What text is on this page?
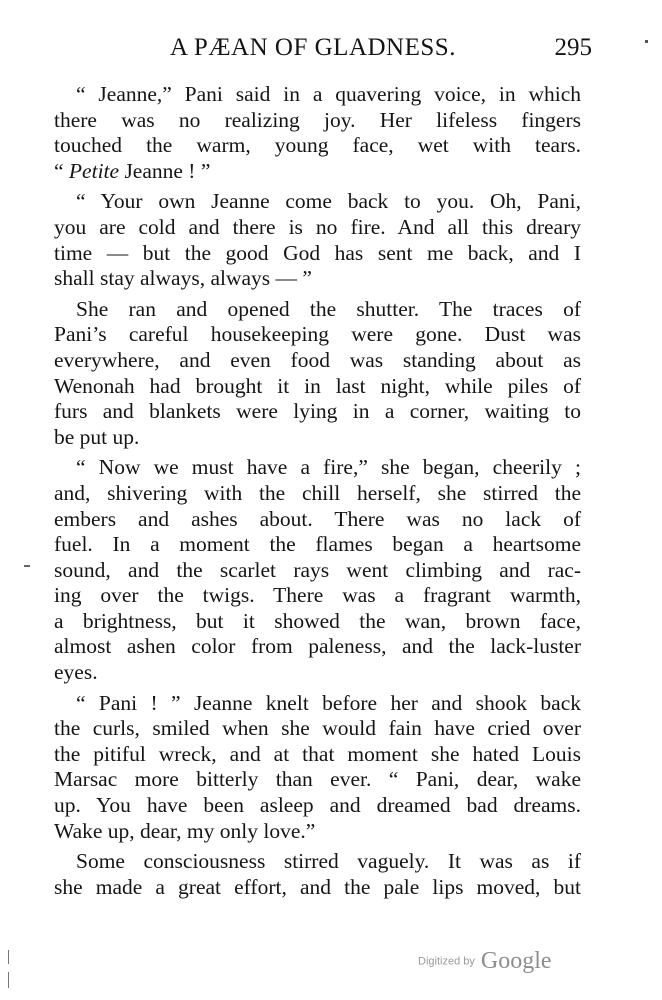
A PÆAN OF GLADNESS.	295
“ Jeanne,” Pani said in a quavering voice, in which
there was no realizing joy. Her lifeless fingers
touched the warm, young face, wet with tears.
“ Petite Jeanne ! ”
“ Your own Jeanne come back to you. Oh, Pani,
you are cold and there is no fire. And all this dreary
time — but the good God has sent me back, and I
shall stay always, always — ”
She ran and opened the shutter. The traces of
Pani’s careful housekeeping were gone. Dust was
everywhere, and even food was standing about as
Wenonah had brought it in last night, while piles of
furs and blankets were lying in a corner, waiting to
be put up.
“ Now we must have a fire,” she began, cheerily ;
and, shivering with the chill herself, she stirred the
embers and ashes about. There was no lack of
fuel. In a moment the flames began a heartsome
sound, and the scarlet rays went climbing and rac-
ing over the twigs. There was a fragrant warmth,
a brightness, but it showed the wan, brown face,
almost ashen color from paleness, and the lack-luster
eyes.
“ Pani ! ” Jeanne knelt before her and shook back
the curls, smiled when she would fain have cried over
the pitiful wreck, and at that moment she hated Louis
Marsac more bitterly than ever. “ Pani, dear, wake
up. You have been asleep and dreamed bad dreams.
Wake up, dear, my only love.”
Some consciousness stirred vaguely. It was as if
she made a great effort, and the pale lips moved, but
Digitized by Google
